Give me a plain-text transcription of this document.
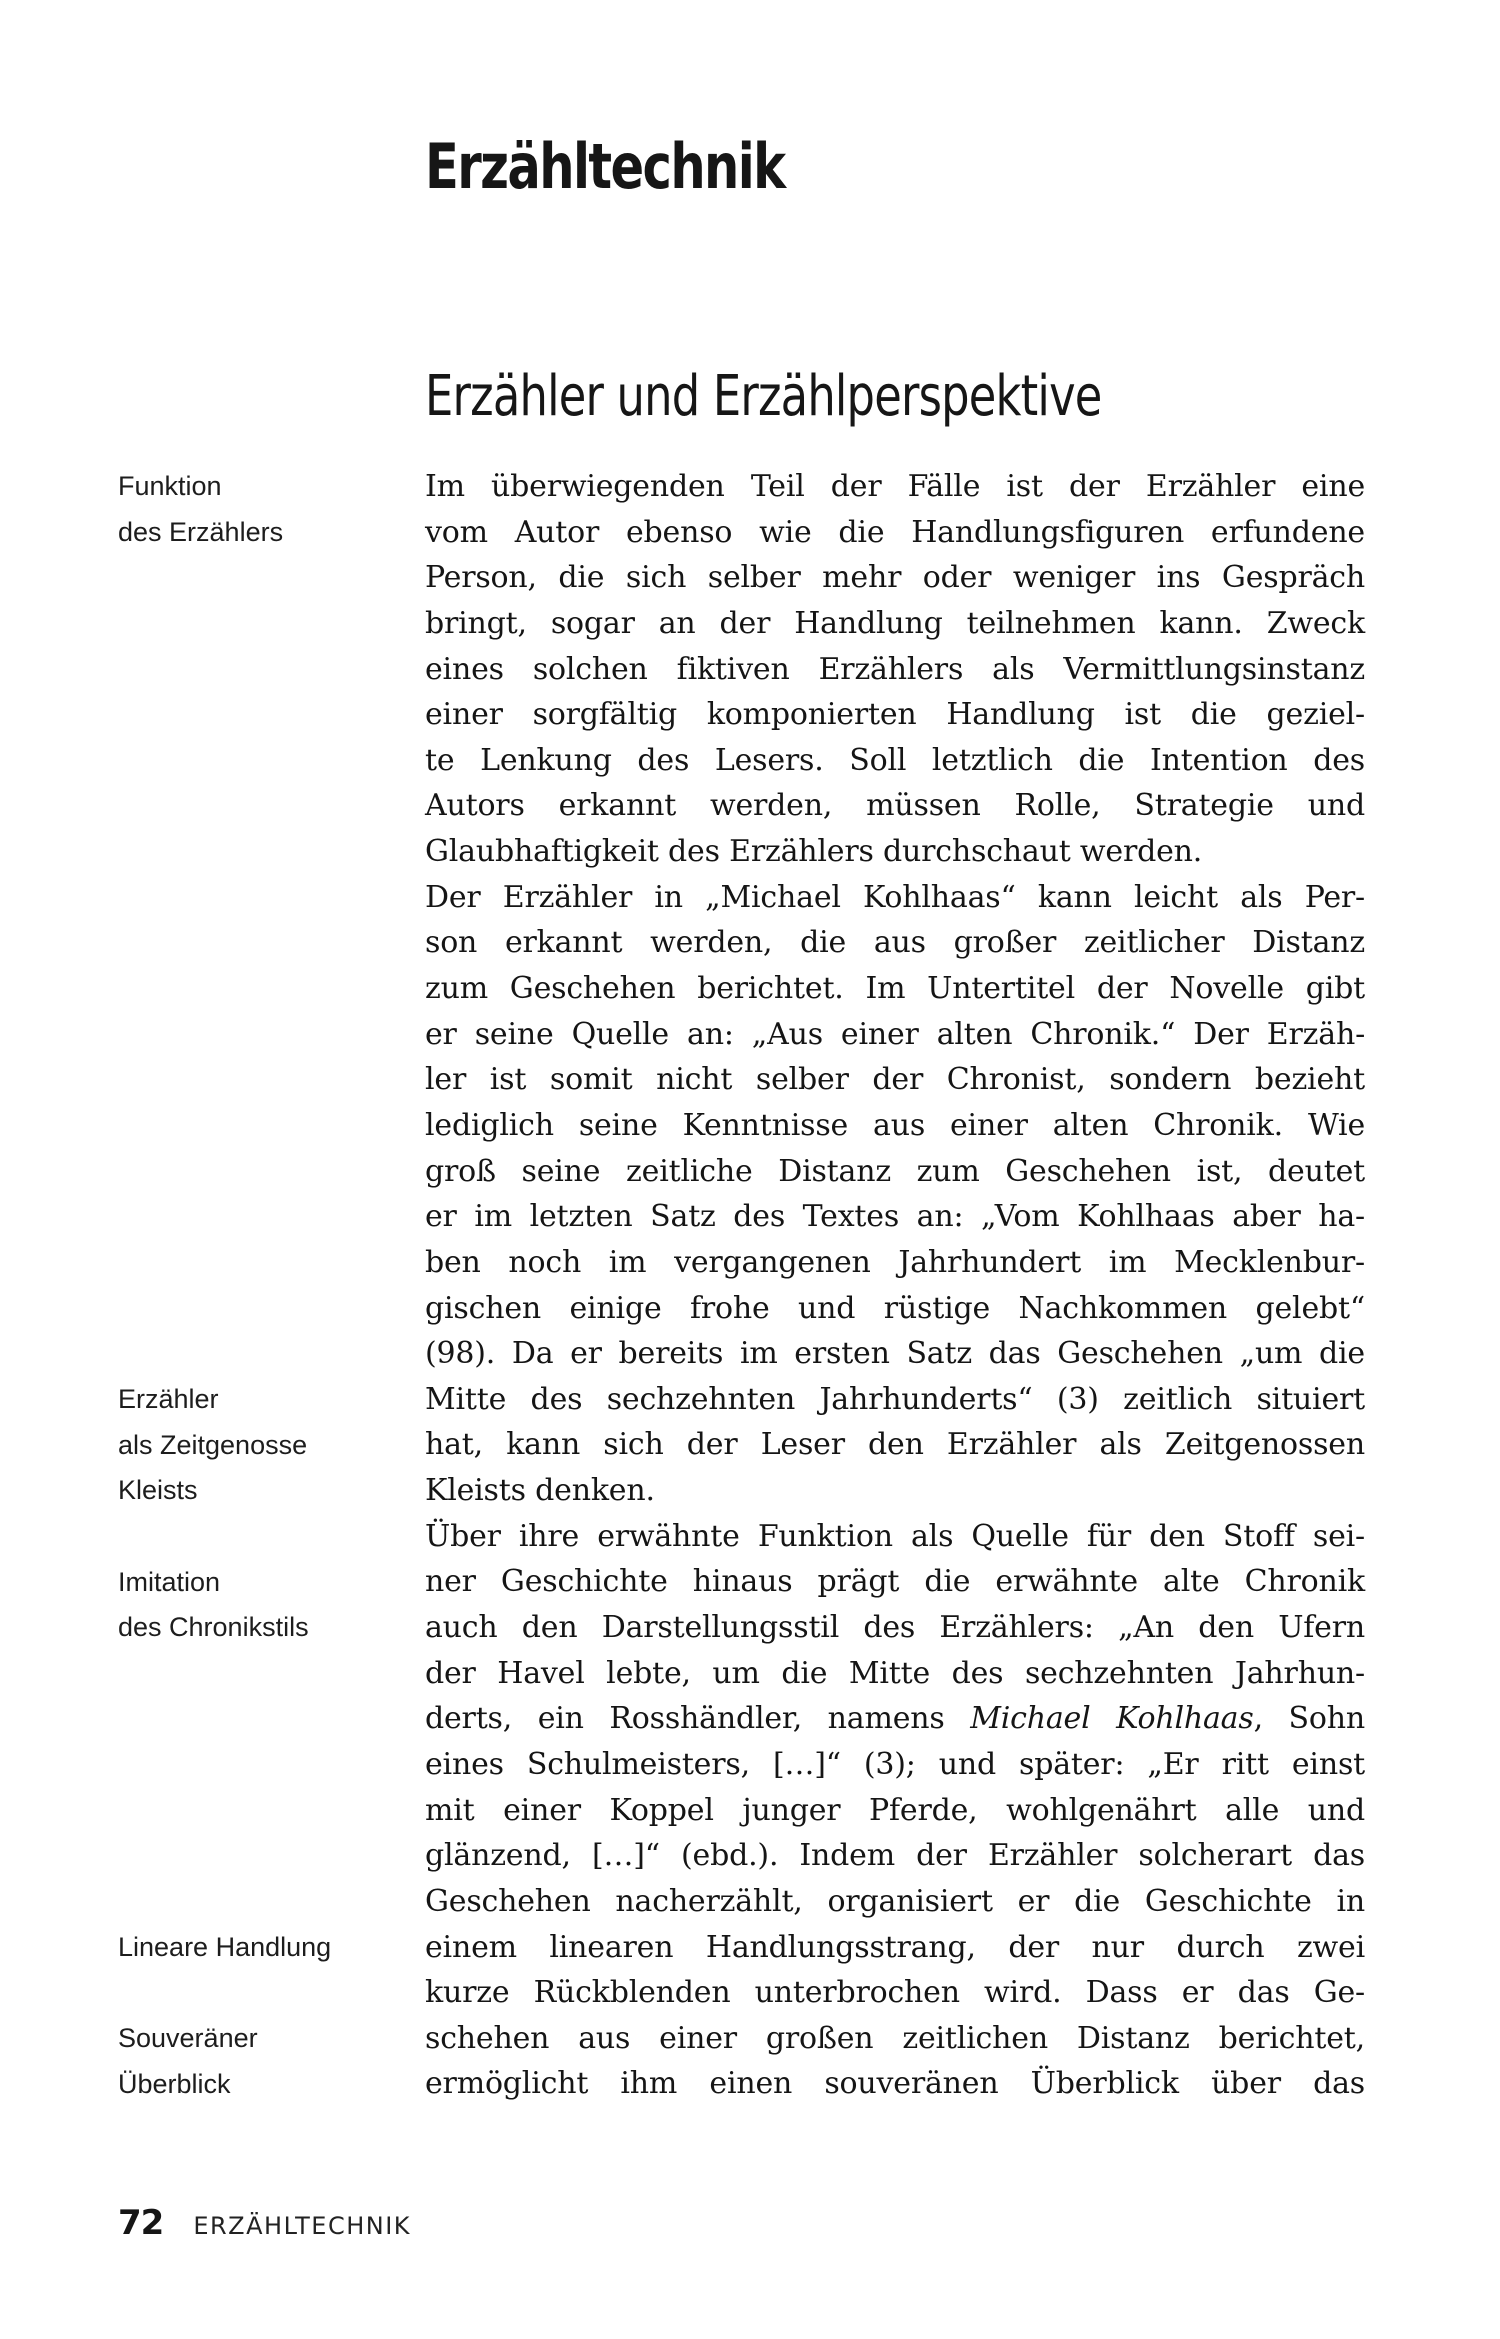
Erzähltechnik
Erzähler und Erzählperspektive
Funktion
des Erzählers
Erzähler
als Zeitgenosse
Kleists
Imitation
des Chronikstils
Lineare Handlung
Souveräner
Überblick
Im überwiegenden Teil der Fälle ist der Erzähler eine
vom Autor ebenso wie die Handlungsfiguren erfundene
Person, die sich selber mehr oder weniger ins Gespräch
bringt, sogar an der Handlung teilnehmen kann. Zweck
eines solchen fiktiven Erzählers als Vermittlungsinstanz
einer sorgfältig komponierten Handlung ist die geziel-
te Lenkung des Lesers. Soll letztlich die Intention des
Autors erkannt werden, müssen Rolle, Strategie und
Glaubhaftigkeit des Erzählers durchschaut werden.
Der Erzähler in „Michael Kohlhaas“ kann leicht als Per-
son erkannt werden, die aus großer zeitlicher Distanz
zum Geschehen berichtet. Im Untertitel der Novelle gibt
er seine Quelle an: „Aus einer alten Chronik.“ Der Erzäh-
ler ist somit nicht selber der Chronist, sondern bezieht
lediglich seine Kenntnisse aus einer alten Chronik. Wie
groß seine zeitliche Distanz zum Geschehen ist, deutet
er im letzten Satz des Textes an: „Vom Kohlhaas aber ha-
ben noch im vergangenen Jahrhundert im Mecklenbur-
gischen einige frohe und rüstige Nachkommen gelebt“
(98). Da er bereits im ersten Satz das Geschehen „um die
Mitte des sechzehnten Jahrhunderts“ (3) zeitlich situiert
hat, kann sich der Leser den Erzähler als Zeitgenossen
Kleists denken.
Über ihre erwähnte Funktion als Quelle für den Stoff sei-
ner Geschichte hinaus prägt die erwähnte alte Chronik
auch den Darstellungsstil des Erzählers: „An den Ufern
der Havel lebte, um die Mitte des sechzehnten Jahrhun-
derts, ein Rosshändler, namens Michael Kohlhaas, Sohn
eines Schulmeisters, […]“ (3); und später: „Er ritt einst
mit einer Koppel junger Pferde, wohlgenährt alle und
glänzend, […]“ (ebd.). Indem der Erzähler solcherart das
Geschehen nacherzählt, organisiert er die Geschichte in
einem linearen Handlungsstrang, der nur durch zwei
kurze Rückblenden unterbrochen wird. Dass er das Ge-
schehen aus einer großen zeitlichen Distanz berichtet,
ermöglicht ihm einen souveränen Überblick über das
72 ERZÄHLTECHNIK
